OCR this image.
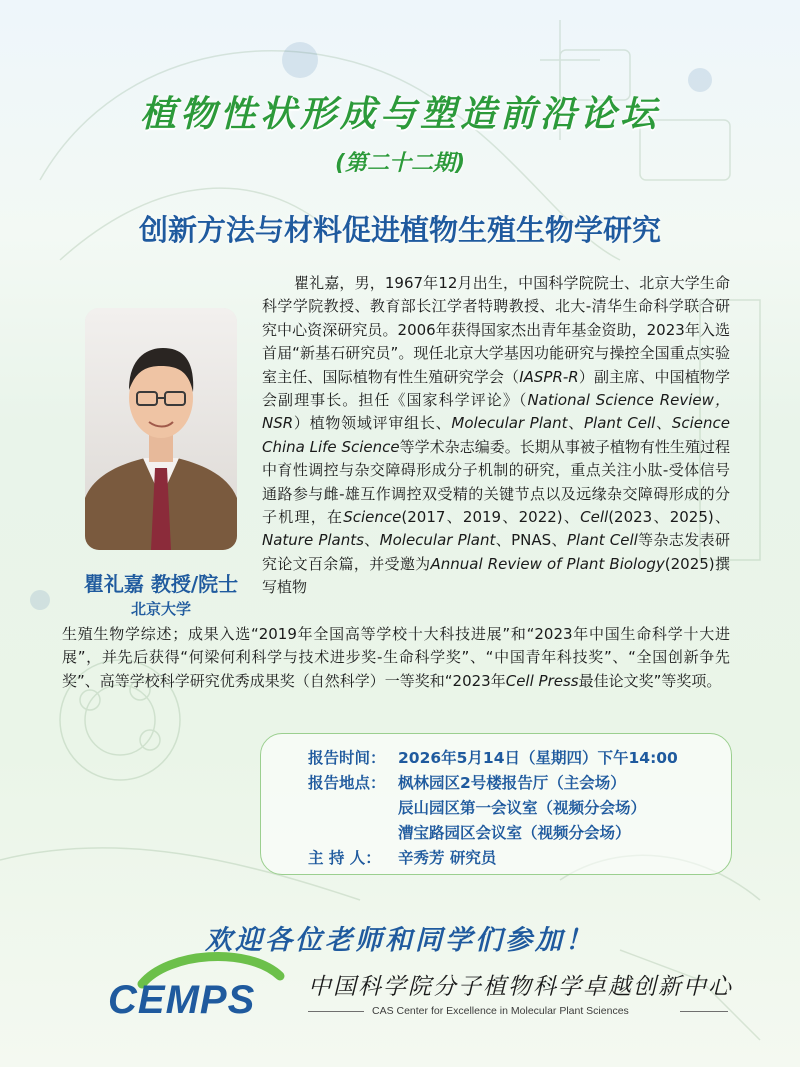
植物性状形成与塑造前沿论坛
(第二十二期)
创新方法与材料促进植物生殖生物学研究
瞿礼嘉 教授/院士
北京大学
瞿礼嘉，男，1967年12月出生，中国科学院院士、北京大学生命科学学院教授、教育部长江学者特聘教授、北大-清华生命科学联合研究中心资深研究员。2006年获得国家杰出青年基金资助，2023年入选首届“新基石研究员”。现任北京大学基因功能研究与操控全国重点实验室主任、国际植物有性生殖研究学会（IASPR-R）副主席、中国植物学会副理事长。担任《国家科学评论》（National Science Review，NSR）植物领域评审组长、Molecular Plant、Plant Cell、Science China Life Science等学术杂志编委。长期从事被子植物有性生殖过程中育性调控与杂交障碍形成分子机制的研究，重点关注小肽-受体信号通路参与雌-雄互作调控双受精的关键节点以及远缘杂交障碍形成的分子机理，在Science(2017、2019、2022)、Cell(2023、2025)、Nature Plants、Molecular Plant、PNAS、Plant Cell等杂志发表研究论文百余篇，并受邀为Annual Review of Plant Biology(2025)撰写植物
生殖生物学综述；成果入选“2019年全国高等学校十大科技进展”和“2023年中国生命科学十大进展”，并先后获得“何梁何利科学与技术进步奖-生命科学奖”、“中国青年科技奖”、“全国创新争先奖”、高等学校科学研究优秀成果奖（自然科学）一等奖和“2023年Cell Press最佳论文奖”等奖项。
报告时间： 2026年5月14日（星期四）下午14:00
报告地点： 枫林园区2号楼报告厅（主会场）
辰山园区第一会议室（视频分会场）
漕宝路园区会议室（视频分会场）
主 持 人： 辛秀芳 研究员
欢迎各位老师和同学们参加！
CEMPS 中国科学院分子植物科学卓越创新中心
CAS Center for Excellence in Molecular Plant Sciences
